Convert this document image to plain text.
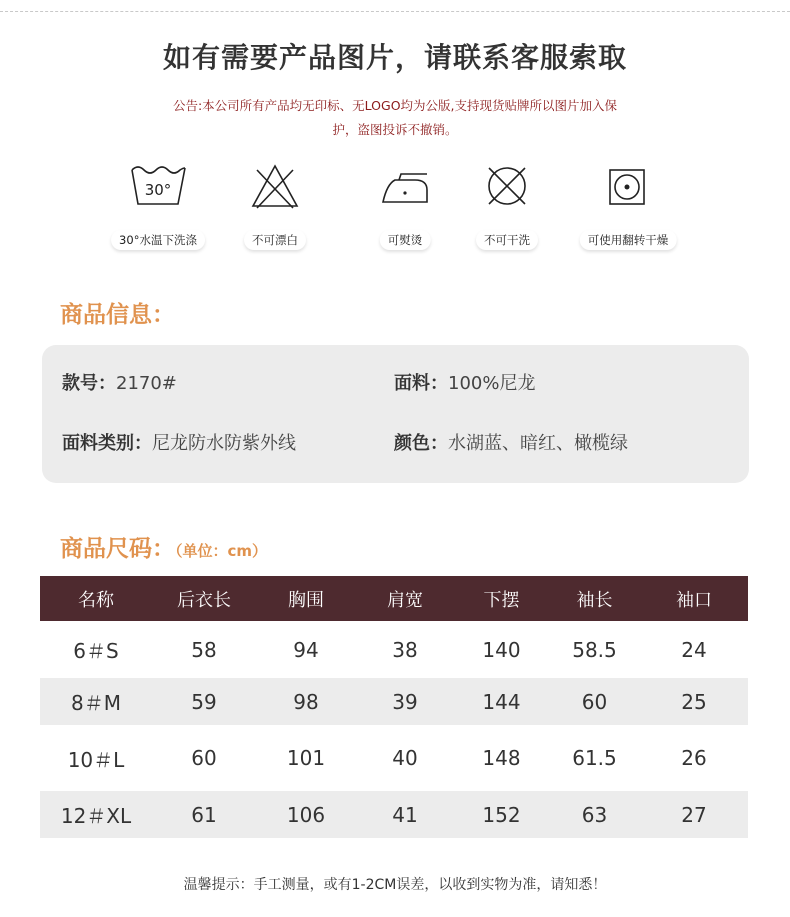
如有需要产品图片，请联系客服索取
公告:本公司所有产品均无印标、无LOGO均为公版,支持现货贴牌所以图片加入保
护，盗图投诉不撤销。
30°
30°水温下洗涤	不可漂白	可熨烫	不可干洗	可使用翻转干燥
商品信息：
款号：2170#	面料：100%尼龙
面料类别：尼龙防水防紫外线	颜色：水湖蓝、暗红、橄榄绿
商品尺码：（单位：cm）
名称	后衣长	胸围	肩宽	下摆	袖长	袖口
6＃S	58	94	38	140	58.5	24
8＃M	59	98	39	144	60	25
10＃L	60	101	40	148	61.5	26
12＃XL	61	106	41	152	63	27
温馨提示：手工测量，或有1-2CM误差，以收到实物为准，请知悉！
